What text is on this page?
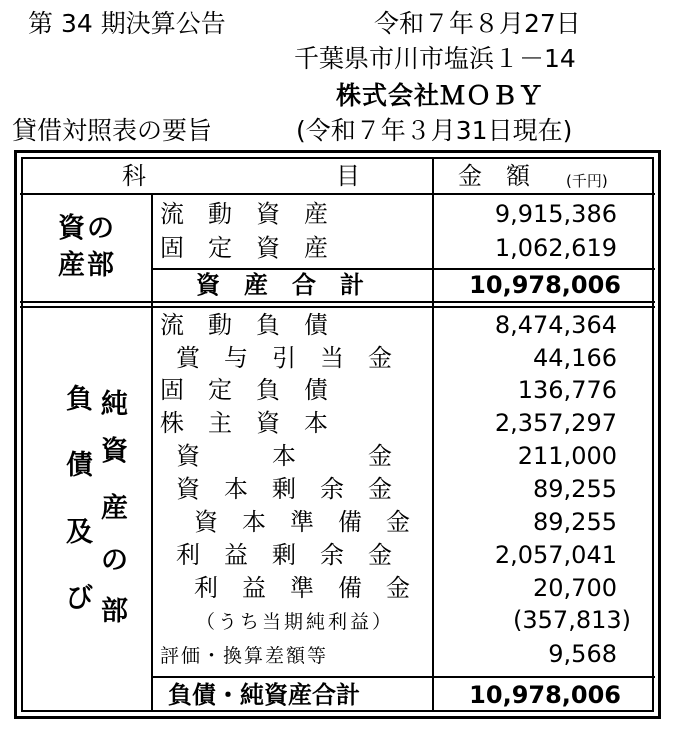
第 34 期決算公告	令和７年８月27日
千葉県市川市塩浜１－14
株式会社ＭＯＢＹ
貸借対照表の要旨	(令和７年３月31日現在)
科	目	金　額 (千円)
資の
産部
流　動　資　産	9,915,386
固　定　資　産	1,062,619
資　産　合　計	10,978,006
負
債
及
び
純
資
産
の
部
流　動　負　債	8,474,364
賞　与　引　当　金	44,166
固　定　負　債	136,776
株　主　資　本	2,357,297
資　　　本　　　金	211,000
資　本　剰　余　金	89,255
資　本　準　備　金	89,255
利　益　剰　余　金	2,057,041
利　益　準　備　金	20,700
（うち当期純利益）	(357,813)
評価・換算差額等	9,568
負債・純資産合計	10,978,006
